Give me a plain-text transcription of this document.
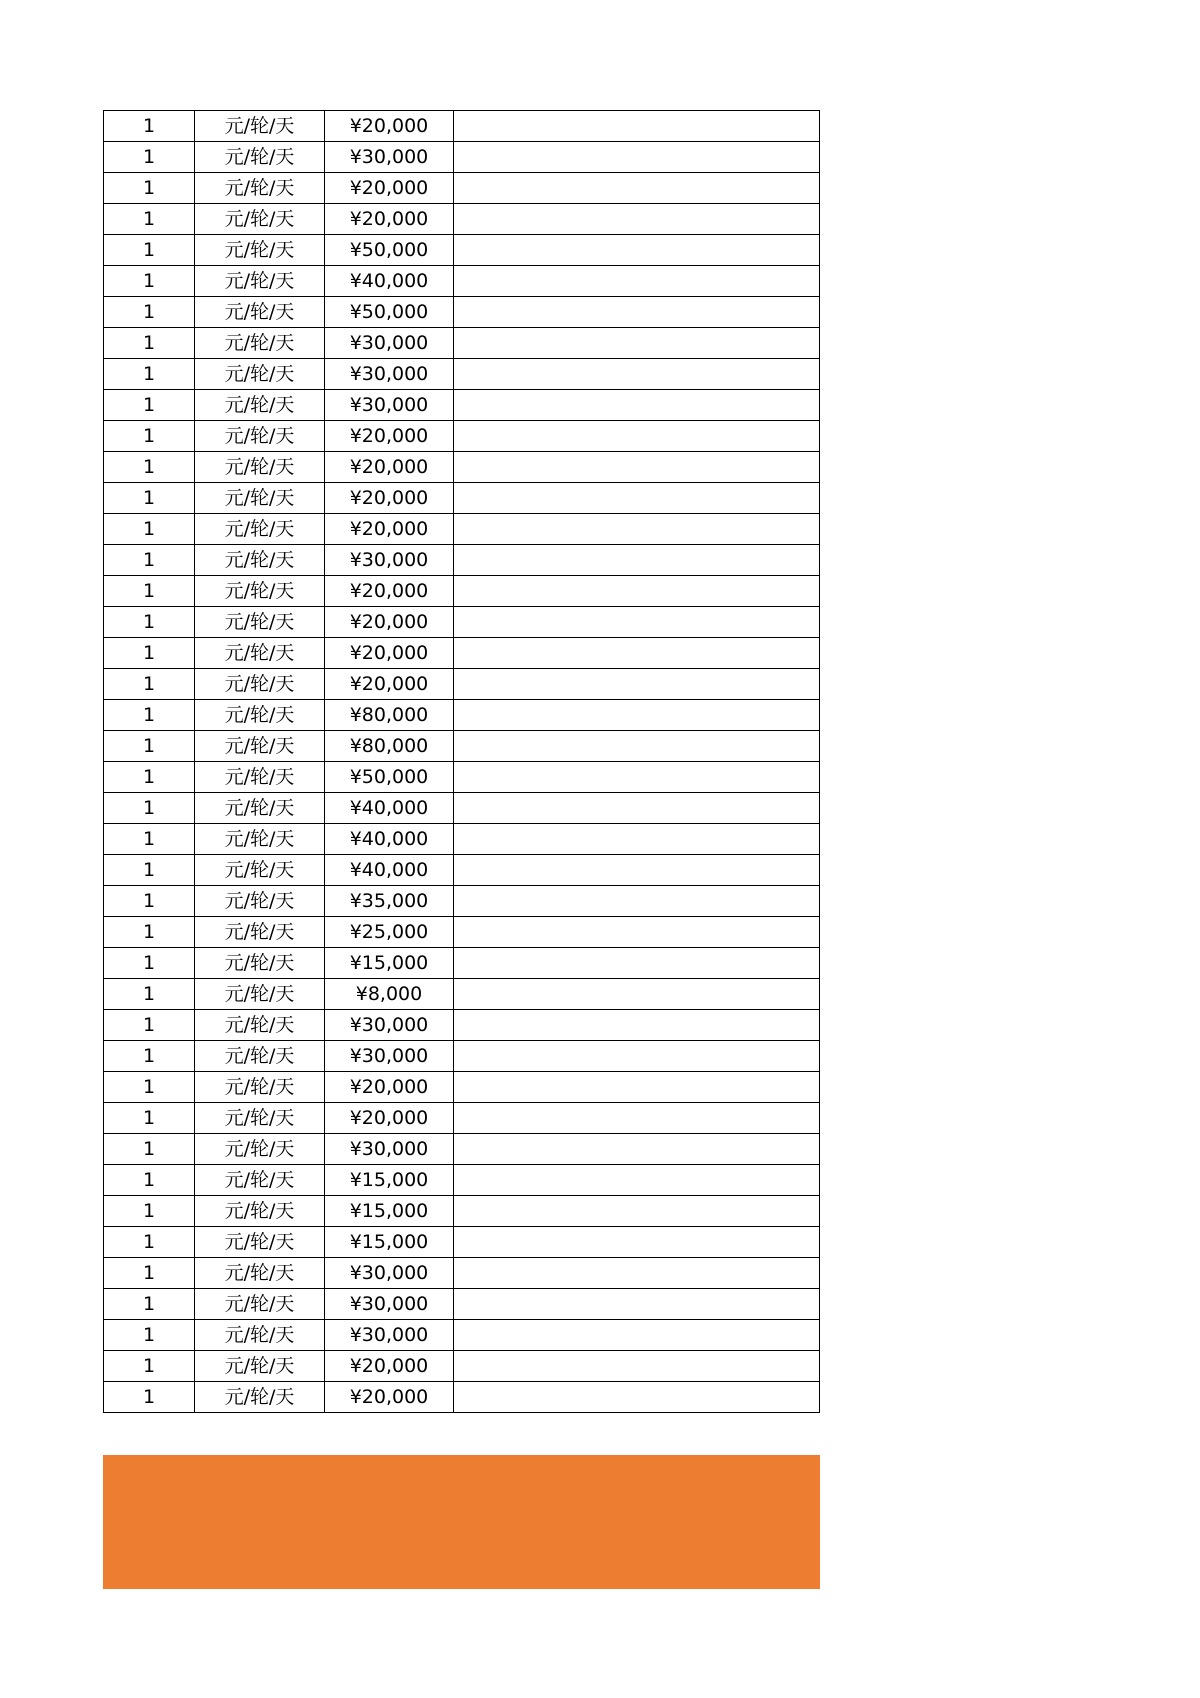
1	元/轮/天	¥20,000	
1	元/轮/天	¥30,000	
1	元/轮/天	¥20,000	
1	元/轮/天	¥20,000	
1	元/轮/天	¥50,000	
1	元/轮/天	¥40,000	
1	元/轮/天	¥50,000	
1	元/轮/天	¥30,000	
1	元/轮/天	¥30,000	
1	元/轮/天	¥30,000	
1	元/轮/天	¥20,000	
1	元/轮/天	¥20,000	
1	元/轮/天	¥20,000	
1	元/轮/天	¥20,000	
1	元/轮/天	¥30,000	
1	元/轮/天	¥20,000	
1	元/轮/天	¥20,000	
1	元/轮/天	¥20,000	
1	元/轮/天	¥20,000	
1	元/轮/天	¥80,000	
1	元/轮/天	¥80,000	
1	元/轮/天	¥50,000	
1	元/轮/天	¥40,000	
1	元/轮/天	¥40,000	
1	元/轮/天	¥40,000	
1	元/轮/天	¥35,000	
1	元/轮/天	¥25,000	
1	元/轮/天	¥15,000	
1	元/轮/天	¥8,000	
1	元/轮/天	¥30,000	
1	元/轮/天	¥30,000	
1	元/轮/天	¥20,000	
1	元/轮/天	¥20,000	
1	元/轮/天	¥30,000	
1	元/轮/天	¥15,000	
1	元/轮/天	¥15,000	
1	元/轮/天	¥15,000	
1	元/轮/天	¥30,000	
1	元/轮/天	¥30,000	
1	元/轮/天	¥30,000	
1	元/轮/天	¥20,000	
1	元/轮/天	¥20,000	
